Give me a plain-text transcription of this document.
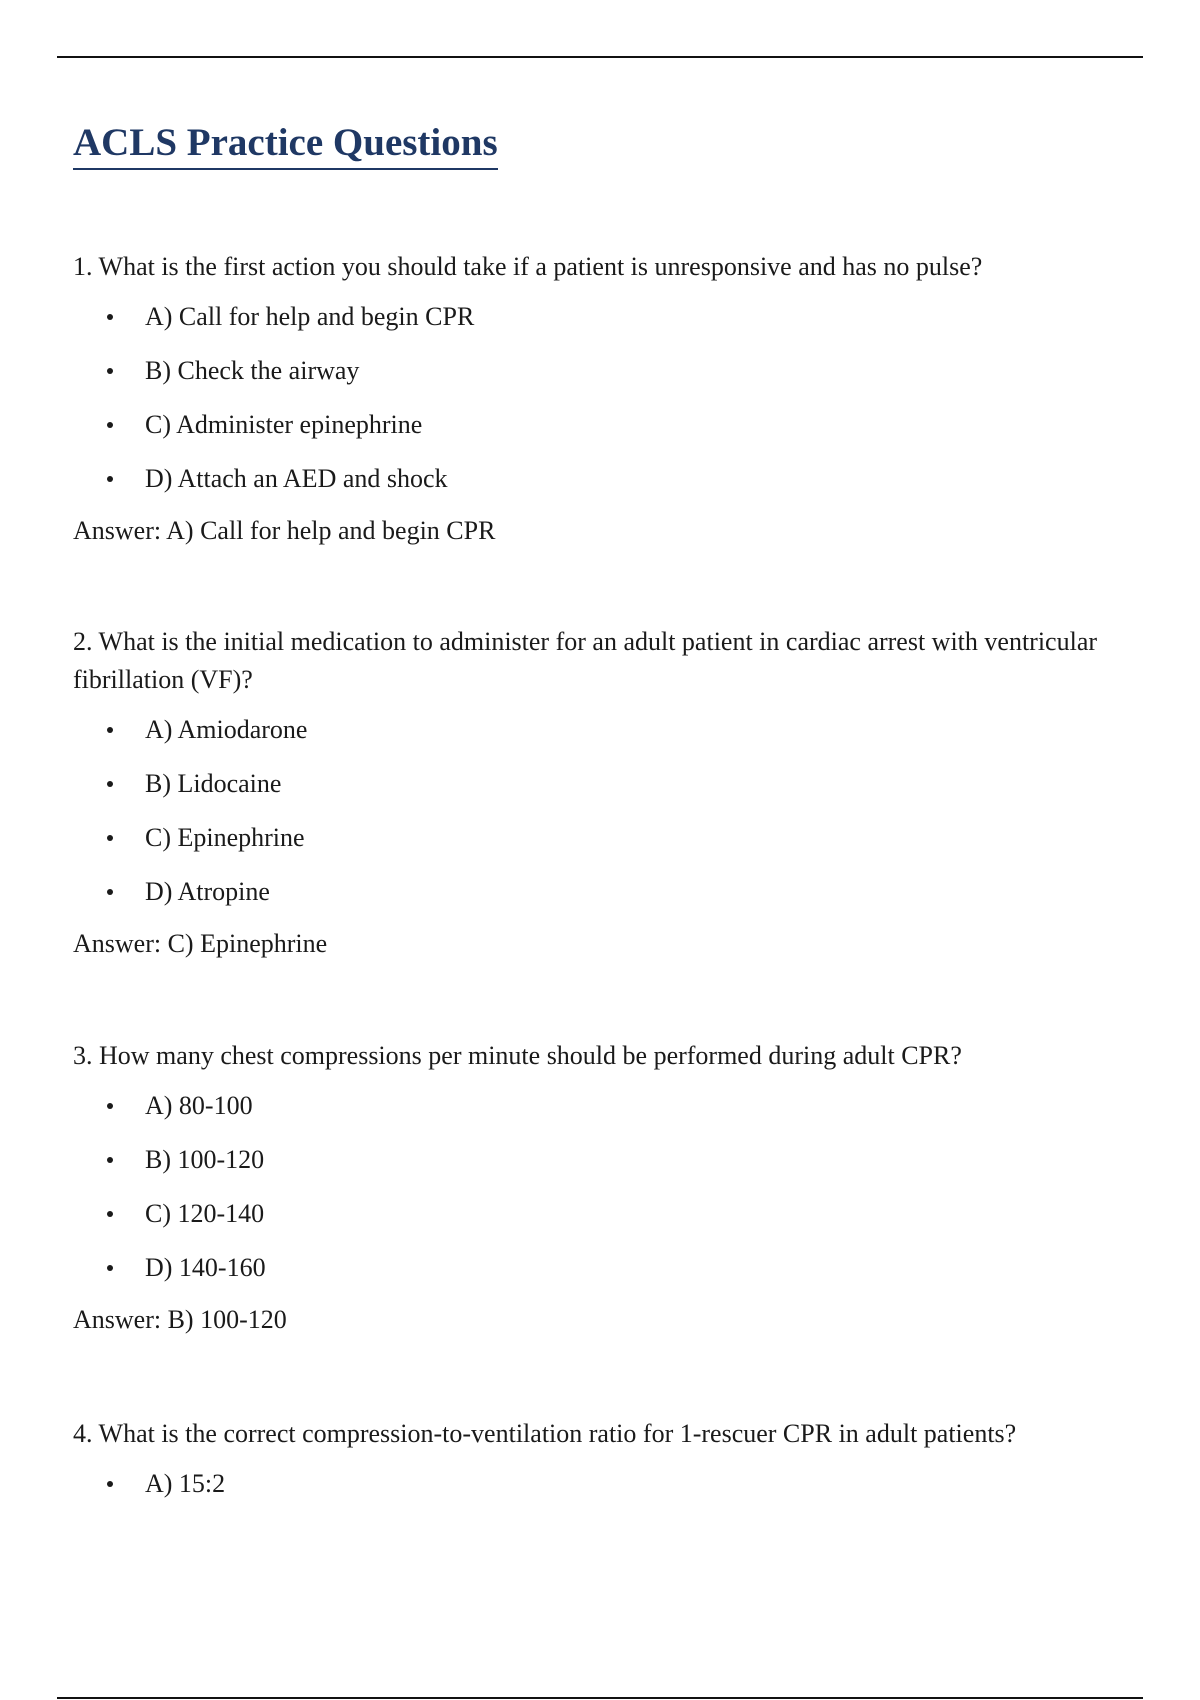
ACLS Practice Questions

1. What is the first action you should take if a patient is unresponsive and has no pulse?

A) Call for help and begin CPR
B) Check the airway
C) Administer epinephrine
D) Attach an AED and shock

Answer: A) Call for help and begin CPR

2. What is the initial medication to administer for an adult patient in cardiac arrest with ventricular fibrillation (VF)?

A) Amiodarone
B) Lidocaine
C) Epinephrine
D) Atropine

Answer: C) Epinephrine

3. How many chest compressions per minute should be performed during adult CPR?

A) 80-100
B) 100-120
C) 120-140
D) 140-160

Answer: B) 100-120

4. What is the correct compression-to-ventilation ratio for 1-rescuer CPR in adult patients?

A) 15:2
